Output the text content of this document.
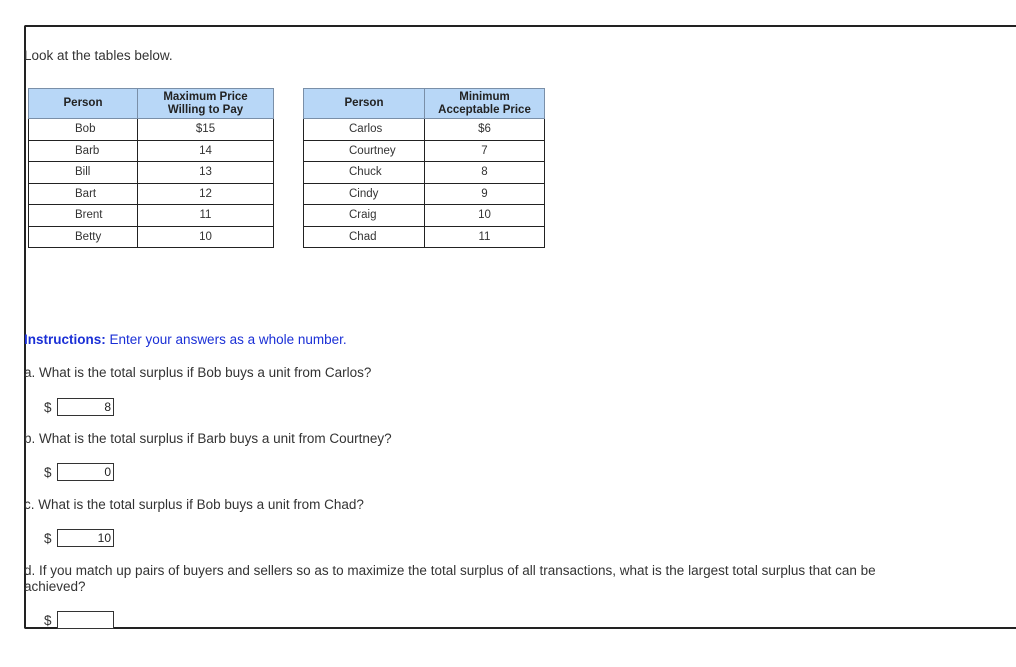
Look at the tables below.
Person	Maximum Price Willing to Pay
Bob	$15
Barb	14
Bill	13
Bart	12
Brent	11
Betty	10
Person	Minimum Acceptable Price
Carlos	$6
Courtney	7
Chuck	8
Cindy	9
Craig	10
Chad	11
Instructions: Enter your answers as a whole number.
a. What is the total surplus if Bob buys a unit from Carlos?
$
8
b. What is the total surplus if Barb buys a unit from Courtney?
$
0
c. What is the total surplus if Bob buys a unit from Chad?
$
10
d. If you match up pairs of buyers and sellers so as to maximize the total surplus of all transactions, what is the largest total surplus that can be achieved?
$
